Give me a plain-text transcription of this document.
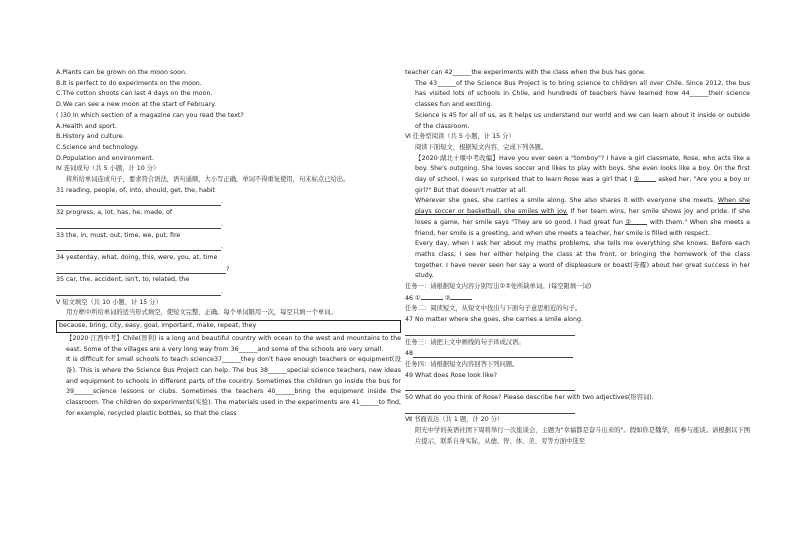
A.Plants can be grown on the moon soon.
B.It is perfect to do experiments on the moon.
C.The cotton shoots can last 4 days on the moon.
D.We can see a new moon at the start of February.
( )30 In which section of a magazine can you read the text?
A.Health and sport.
B.History and culture.
C.Science and technology.
D.Population and environment.
Ⅳ 连词成句（共 5 小题，计 10 分）
将所给单词连成句子，要求符合语法，语句通顺，大小写正确，单词不得重复使用，句末标点已给出。
31 reading, people, of, into, should, get, the, habit
.
32 progress, a, lot, has, he, made, of
.
33 the, in, must, out, time, we, put, fire
.
34 yesterday, what, doing, this, were, you, at, time
?
35 car, the, accident, isn't, to, related, the
.
Ⅴ 短文填空（共 10 小题，计 15 分）
用方框中所给单词的适当形式填空，使短文完整、正确。每个单词限用一次，每空只填一个单词。
because, bring, city, easy, goal, important, make, repeat, they
【2020·江西中考】Chile(智利) is a long and beautiful country with ocean to the west and mountains to the east. Some of the villages are a very long way from 36______and some of the schools are very small.
It is difficult for small schools to teach science37______they don't have enough teachers or equipment(设备). This is where the Science Bus Project can help. The bus 38______special science teachers, new ideas and equipment to schools in different parts of the country. Sometimes the children go inside the bus for 39______science lessons or clubs. Sometimes the teachers 40______bring the equipment inside the classroom. The children do experiments(实验). The materials used in the experiments are 41______to find, for example, recycled plastic bottles, so that the class
teacher can 42______the experiments with the class when the bus has gone.
The 43______of the Science Bus Project is to bring science to children all over Chile. Since 2012, the bus has visited lots of schools in Chile, and hundreds of teachers have learned how 44______their science classes fun and exciting.
Science is 45 for all of us, as it helps us understand our world and we can learn about it inside or outside of the classroom.
Ⅵ 任务型阅读（共 5 小题，计 15 分）
阅读下面短文，根据短文内容，完成下列各题。
【2020·湖北十堰中考改编】Have you ever seen a "tomboy"? I have a girl classmate, Rose, who acts like a boy. She's outgoing. She loves soccer and likes to play with boys. She even looks like a boy. On the first day of school, I was so surprised that to learn Rose was a girl that I ①	asked her, "Are you a boy or girl?" But that doesn't matter at all.
Wherever she goes, she carries a smile along. She also shares it with everyone she meets. When she plays soccer or basketball, she smiles with joy. If her team wins, her smile shows joy and pride. If she loses a game, her smile says "They are so good. I had great fun ②	with them." When she meets a friend, her smile is a greeting, and when she meets a teacher, her smile is filled with respect.
Every day, when I ask her about my maths problems, she tells me everything she knows. Before each maths class, I see her either helping the class at the front, or bringing the homework of the class together. I have never seen her say a word of displeasure or boast(夸耀) about her great success in her study.
任务一：请根据短文内容分别写出①②处所缺单词。(每空限填一词)
46 ①	②
任务二：阅读短文，从短文中找出与下面句子意思相近的句子。
47 No matter where she goes, she carries a smile along.
任务三：请把上文中画线的句子译成汉语。
48
任务四：请根据短文内容回答下列问题。
49 What does Rose look like?
50 What do you think of Rose? Please describe her with two adjectives(形容词).
Ⅶ 书面表达（共 1 题，计 20 分）
阳光中学的英语社团下周将举行一次座谈会，主题为"幸福都是奋斗出来的"。假如你是魏华，将参与座谈。请根据以下图片提示，联系自身实际，从德、智、体、美、劳等方面中选至
